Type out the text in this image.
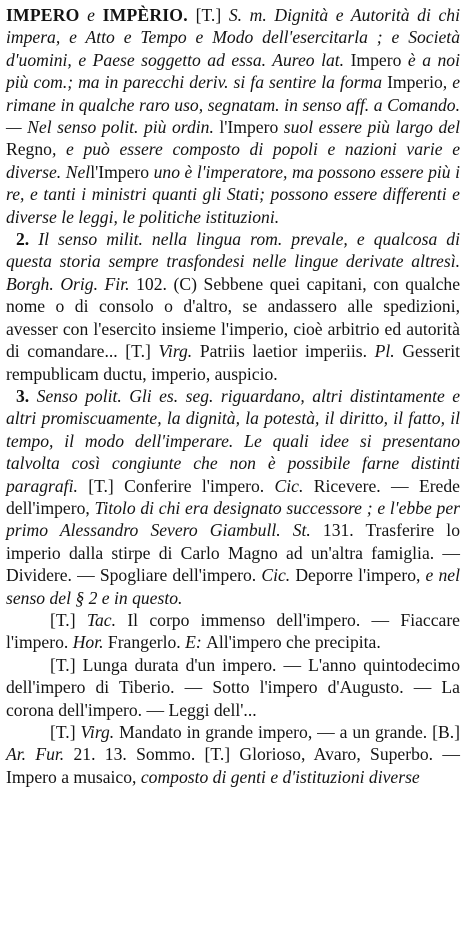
IMPERO e IMPÈRIO. [T.] S. m. Dignità e Autorità di chi impera, e Atto e Tempo e Modo dell'esercitarla ; e Società d'uomini, e Paese soggetto ad essa. Aureo lat. Impero è a noi più com.; ma in parecchi deriv. si fa sentire la forma Imperio, e rimane in qualche raro uso, segnatam. in senso aff. a Comando. — Nel senso polit. più ordin. l'Impero suol essere più largo del Regno, e può essere composto di popoli e nazioni varie e diverse. Nell'Impero uno è l'imperatore, ma possono essere più i re, e tanti i ministri quanti gli Stati; possono essere differenti e diverse le leggi, le politiche istituzioni.

2. Il senso milit. nella lingua rom. prevale, e qualcosa di questa storia sempre trasfondesi nelle lingue derivate altresì. Borgh. Orig. Fir. 102. (C) Sebbene quei capitani, con qualche nome o di consolo o d'altro, se andassero alle spedizioni, avesser con l'esercito insieme l'imperio, cioè arbitrio ed autorità di comandare... [T.] Virg. Patriis laetior imperiis. Pl. Gesserit rempublicam ductu, imperio, auspicio.

3. Senso polit. Gli es. seg. riguardano, altri distintamente e altri promiscuamente, la dignità, la potestà, il diritto, il fatto, il tempo, il modo dell'imperare. Le quali idee si presentano talvolta così congiunte che non è possibile farne distinti paragrafi. [T.] Conferire l'impero. Cic. Ricevere. — Erede dell'impero, Titolo di chi era designato successore ; e l'ebbe per primo Alessandro Severo Giambull. St. 131. Trasferire lo imperio dalla stirpe di Carlo Magno ad un'altra famiglia. — Dividere. — Spogliare dell'impero. Cic. Deporre l'impero, e nel senso del § 2 e in questo.

[T.] Tac. Il corpo immenso dell'impero. — Fiaccare l'impero. Hor. Frangerlo. E: All'impero che precipita.

[T.] Lunga durata d'un impero. — L'anno quintodecimo dell'impero di Tiberio. — Sotto l'impero d'Augusto. — La corona dell'impero. — Leggi dell'...

[T.] Virg. Mandato in grande impero, — a un grande. [B.] Ar. Fur. 21. 13. Sommo. [T.] Glorioso, Avaro, Superbo. — Impero a musaico, composto di genti e d'istituzioni diverse
